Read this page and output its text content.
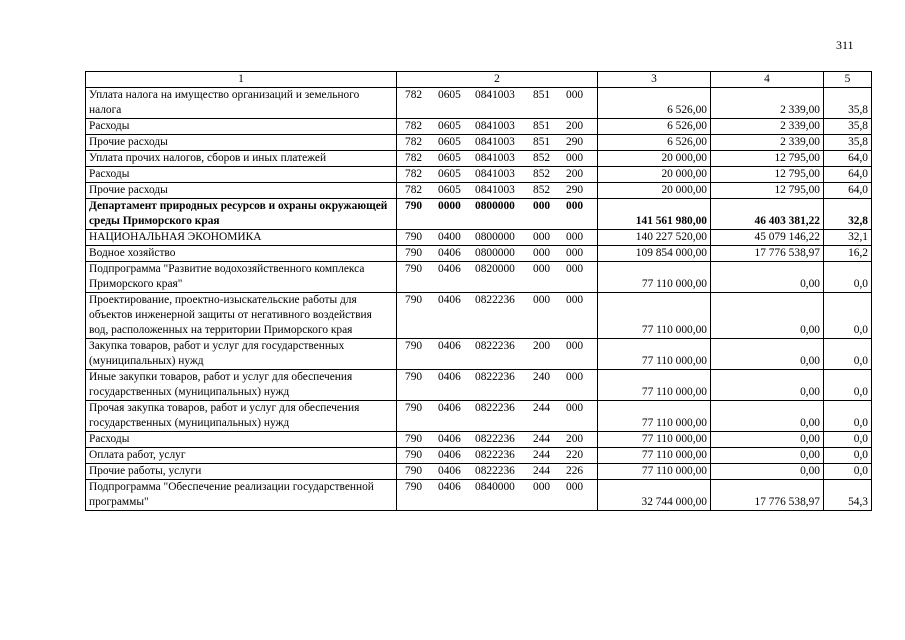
311
1	2	3	4	5
Уплата налога на имущество организаций и земельного налога	782 0605 0841003 851 000	6 526,00	2 339,00	35,8
Расходы	782 0605 0841003 851 200	6 526,00	2 339,00	35,8
Прочие расходы	782 0605 0841003 851 290	6 526,00	2 339,00	35,8
Уплата прочих налогов, сборов и иных платежей	782 0605 0841003 852 000	20 000,00	12 795,00	64,0
Расходы	782 0605 0841003 852 200	20 000,00	12 795,00	64,0
Прочие расходы	782 0605 0841003 852 290	20 000,00	12 795,00	64,0
Департамент природных ресурсов и охраны окружающей среды Приморского края	790 0000 0800000 000 000	141 561 980,00	46 403 381,22	32,8
НАЦИОНАЛЬНАЯ ЭКОНОМИКА	790 0400 0800000 000 000	140 227 520,00	45 079 146,22	32,1
Водное хозяйство	790 0406 0800000 000 000	109 854 000,00	17 776 538,97	16,2
Подпрограмма "Развитие водохозяйственного комплекса Приморского края"	790 0406 0820000 000 000	77 110 000,00	0,00	0,0
Проектирование, проектно-изыскательские работы для объектов инженерной защиты от негативного воздействия вод, расположенных на территории Приморского края	790 0406 0822236 000 000	77 110 000,00	0,00	0,0
Закупка товаров, работ и услуг для государственных (муниципальных) нужд	790 0406 0822236 200 000	77 110 000,00	0,00	0,0
Иные закупки товаров, работ и услуг для обеспечения государственных (муниципальных) нужд	790 0406 0822236 240 000	77 110 000,00	0,00	0,0
Прочая закупка товаров, работ и услуг для обеспечения государственных (муниципальных) нужд	790 0406 0822236 244 000	77 110 000,00	0,00	0,0
Расходы	790 0406 0822236 244 200	77 110 000,00	0,00	0,0
Оплата работ, услуг	790 0406 0822236 244 220	77 110 000,00	0,00	0,0
Прочие работы, услуги	790 0406 0822236 244 226	77 110 000,00	0,00	0,0
Подпрограмма "Обеспечение реализации государственной программы"	790 0406 0840000 000 000	32 744 000,00	17 776 538,97	54,3
